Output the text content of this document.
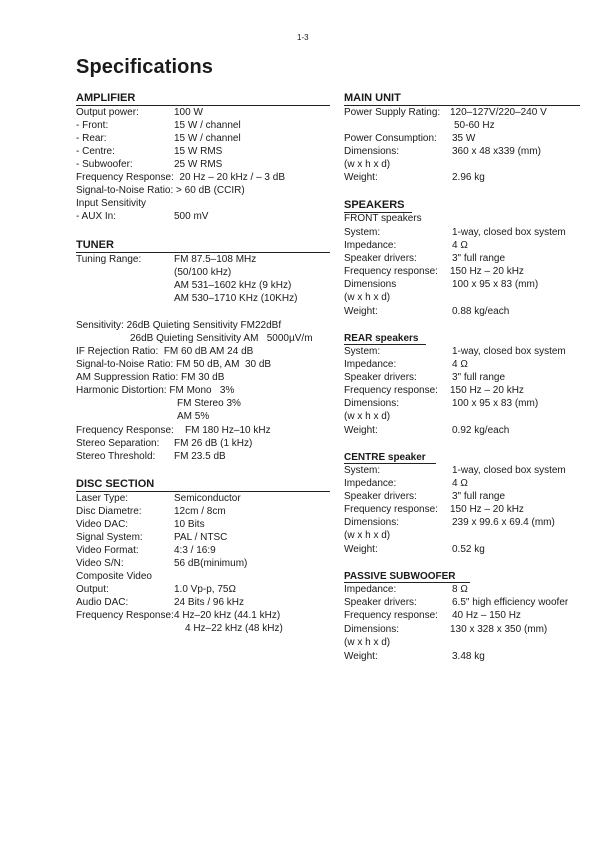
1-3
Specifications
AMPLIFIER
Output power:	100 W
- Front:	15 W / channel
- Rear:	15 W / channel
- Centre:	15 W RMS
- Subwoofer:	25 W RMS
Frequency Response:  20 Hz – 20 kHz / – 3 dB
Signal-to-Noise Ratio: > 60 dB (CCIR)
Input Sensitivity
- AUX In:	500 mV
TUNER
Tuning Range:	FM 87.5–108 MHz
(50/100 kHz)
AM 531–1602 kHz (9 kHz)
AM 530–1710 KHz (10KHz)
Sensitivity: 26dB Quieting Sensitivity FM22dBf
26dB Quieting Sensitivity AM   5000µV/m
IF Rejection Ratio:  FM 60 dB AM 24 dB
Signal-to-Noise Ratio: FM 50 dB, AM  30 dB
AM Suppression Ratio: FM 30 dB
Harmonic Distortion: FM Mono   3%
FM Stereo 3%
AM 5%
Frequency Response: FM 180 Hz–10 kHz
Stereo Separation: FM 26 dB (1 kHz)
Stereo Threshold: FM 23.5 dB
DISC SECTION
Laser Type:	Semiconductor
Disc Diametre:	12cm / 8cm
Video DAC:	10 Bits
Signal System:	PAL / NTSC
Video Format:	4:3 / 16:9
Video S/N:	56 dB(minimum)
Composite Video
Output:	1.0 Vp-p, 75Ω
Audio DAC:	24 Bits / 96 kHz
Frequency Response: 4 Hz–20 kHz (44.1 kHz)
4 Hz–22 kHz (48 kHz)
MAIN UNIT
Power Supply Rating: 120–127V/220–240 V
50-60 Hz
Power Consumption: 35 W
Dimensions:	360 x 48 x339 (mm)
(w x h x d)
Weight:	2.96 kg
SPEAKERS
FRONT speakers
System:	1-way, closed box system
Impedance:	4 Ω
Speaker drivers:	3" full range
Frequency response: 150 Hz – 20 kHz
Dimensions	100 x 95 x 83 (mm)
(w x h x d)
Weight:	0.88 kg/each
REAR speakers
System:	1-way, closed box system
Impedance:	4 Ω
Speaker drivers:	3" full range
Frequency response: 150 Hz – 20 kHz
Dimensions:	100 x 95 x 83 (mm)
(w x h x d)
Weight:	0.92 kg/each
CENTRE speaker
System:	1-way, closed box system
Impedance:	4 Ω
Speaker drivers:	3" full range
Frequency response: 150 Hz – 20 kHz
Dimensions:	239 x 99.6 x 69.4 (mm)
(w x h x d)
Weight:	0.52 kg
PASSIVE SUBWOOFER
Impedance:	8 Ω
Speaker drivers:	6.5" high efficiency woofer
Frequency response: 40 Hz – 150 Hz
Dimensions:	130 x 328 x 350 (mm)
(w x h x d)
Weight:	3.48 kg
